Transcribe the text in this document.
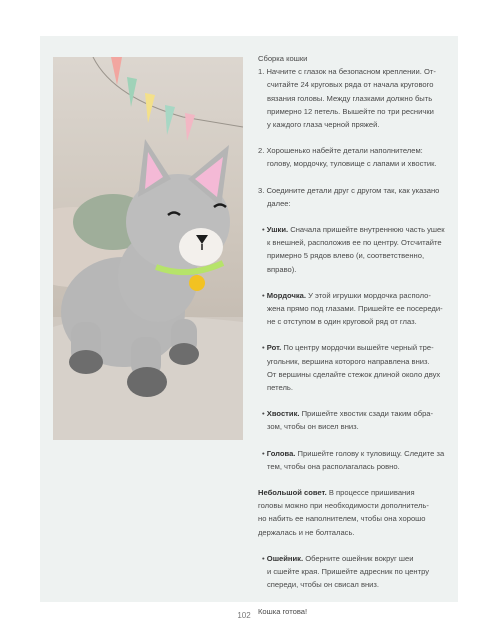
Сборка кошки

1. Начните с глазок на безопасном креплении. От-

считайте 24 круговых ряда от начала кругового

вязания головы. Между глазками должно быть

примерно 12 петель. Вышейте по три реснички

у каждого глаза черной пряжей.

2. Хорошенько набейте детали наполнителем:

голову, мордочку, туловище с лапами и хвостик.

3. Соедините детали друг с другом так, как указано

далее:

• Ушки. Сначала пришейте внутреннюю часть ушек

к внешней, расположив ее по центру. Отсчитайте

примерно 5 рядов влево (и, соответственно, вправо).

• Мордочка. У этой игрушки мордочка располо-

жена прямо под глазами. Пришейте ее посереди-

не с отступом в один круговой ряд от глаз.

• Рот. По центру мордочки вышейте черный тре-

угольник, вершина которого направлена вниз.

От вершины сделайте стежок длиной около двух

петель.

• Хвостик. Пришейте хвостик сзади таким обра-

зом, чтобы он висел вниз.

• Голова. Пришейте голову к туловищу. Следите за

тем, чтобы она располагалась ровно.

Небольшой совет. В процессе пришивания

головы можно при необходимости дополнитель-

но набить ее наполнителем, чтобы она хорошо

держалась и не болталась.

• Ошейник. Оберните ошейник вокруг шеи

и сшейте края. Пришейте адресник по центру

спереди, чтобы он свисал вниз.

Кошка готова!

102
